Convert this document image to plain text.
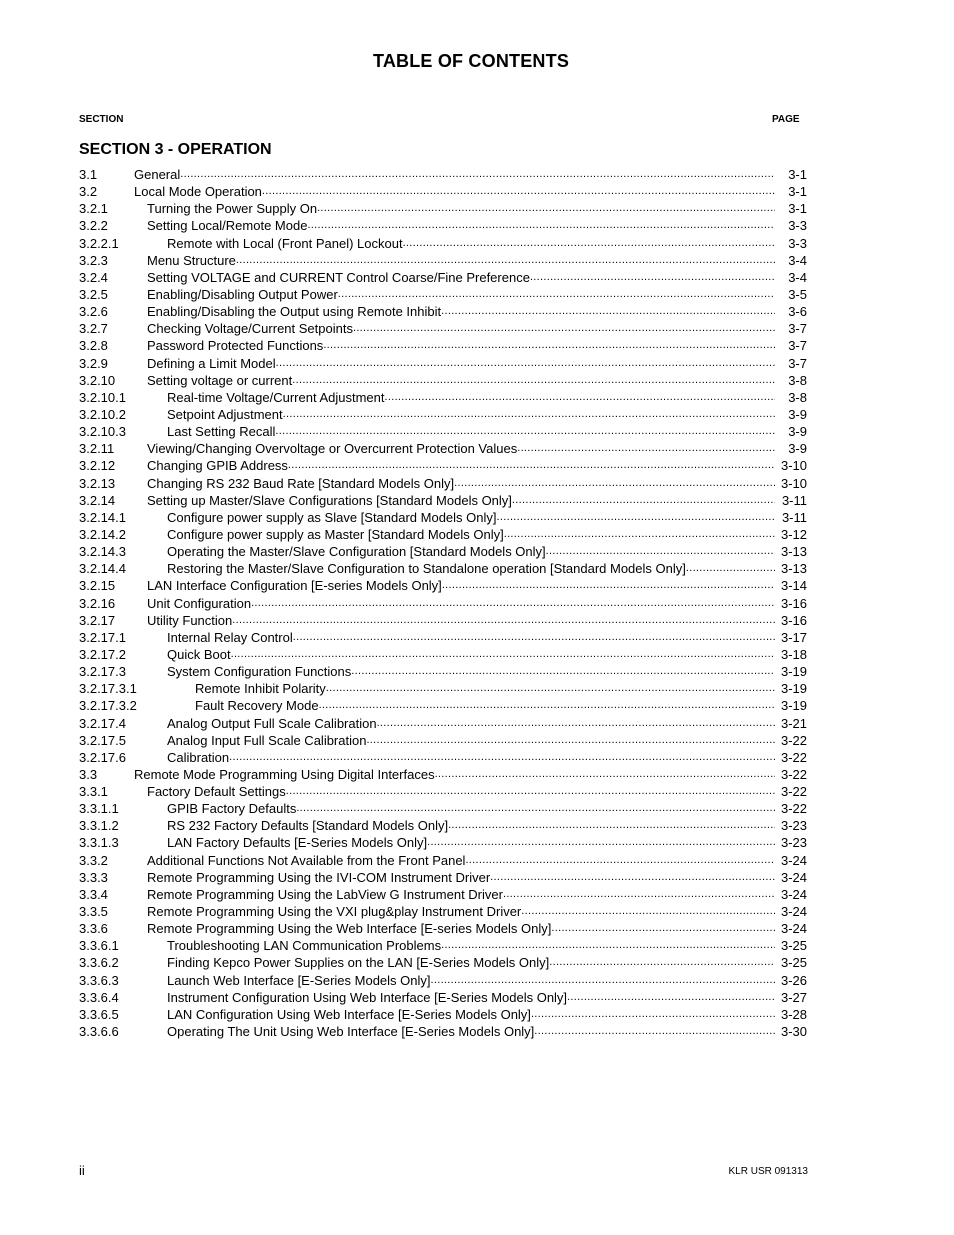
TABLE OF CONTENTS
SECTION	PAGE
SECTION 3 - OPERATION
3.1	General .....	3-1
3.2	Local Mode Operation .....	3-1
3.2.1	Turning the Power Supply On .....	3-1
3.2.2	Setting Local/Remote Mode .....	3-3
3.2.2.1	Remote with Local (Front Panel) Lockout .....	3-3
3.2.3	Menu Structure .....	3-4
3.2.4	Setting VOLTAGE and CURRENT Control Coarse/Fine Preference .....	3-4
3.2.5	Enabling/Disabling Output Power .....	3-5
3.2.6	Enabling/Disabling the Output using Remote Inhibit .....	3-6
3.2.7	Checking Voltage/Current Setpoints .....	3-7
3.2.8	Password Protected Functions .....	3-7
3.2.9	Defining a Limit Model .....	3-7
3.2.10 Setting voltage or current .....	3-8
3.2.10.1	Real-time Voltage/Current Adjustment .....	3-8
3.2.10.2	Setpoint Adjustment .....	3-9
3.2.10.3	Last Setting Recall .....	3-9
3.2.11	Viewing/Changing Overvoltage or Overcurrent Protection Values .....	3-9
3.2.12 Changing GPIB Address .....	3-10
3.2.13 Changing RS 232 Baud Rate [Standard Models Only] .....	3-10
3.2.14 Setting up Master/Slave Configurations [Standard Models Only] .....	3-11
3.2.14.1	Configure power supply as Slave [Standard Models Only] .....	3-11
3.2.14.2	Configure power supply as Master [Standard Models Only] .....	3-12
3.2.14.3	Operating the Master/Slave Configuration [Standard Models Only] .....	3-13
3.2.14.4	Restoring the Master/Slave Configuration to Standalone operation [Standard Models Only] .....	3-13
3.2.15 LAN Interface Configuration [E-series Models Only] .....	3-14
3.2.16 Unit Configuration .....	3-16
3.2.17 Utility Function .....	3-16
3.2.17.1	Internal Relay Control .....	3-17
3.2.17.2	Quick Boot .....	3-18
3.2.17.3	System Configuration Functions .....	3-19
3.2.17.3.1	Remote Inhibit Polarity .....	3-19
3.2.17.3.2	Fault Recovery Mode .....	3-19
3.2.17.4	Analog Output Full Scale Calibration .....	3-21
3.2.17.5	Analog Input Full Scale Calibration .....	3-22
3.2.17.6	Calibration .....	3-22
3.3	Remote Mode Programming Using Digital Interfaces .....	3-22
3.3.1	Factory Default Settings .....	3-22
3.3.1.1	GPIB Factory Defaults .....	3-22
3.3.1.2	RS 232 Factory Defaults [Standard Models Only] .....	3-23
3.3.1.3	LAN Factory Defaults [E-Series Models Only] .....	3-23
3.3.2	Additional Functions Not Available from the Front Panel .....	3-24
3.3.3	Remote Programming Using the IVI-COM Instrument Driver .....	3-24
3.3.4	Remote Programming Using the LabView G Instrument Driver .....	3-24
3.3.5	Remote Programming Using the VXI plug&play Instrument Driver .....	3-24
3.3.6	Remote Programming Using the Web Interface [E-series Models Only] .....	3-24
3.3.6.1	Troubleshooting LAN Communication Problems .....	3-25
3.3.6.2	Finding Kepco Power Supplies on the LAN [E-Series Models Only] .....	3-25
3.3.6.3	Launch Web Interface [E-Series Models Only] .....	3-26
3.3.6.4	Instrument Configuration Using Web Interface [E-Series Models Only] .....	3-27
3.3.6.5	LAN Configuration Using Web Interface [E-Series Models Only] .....	3-28
3.3.6.6	Operating The Unit Using Web Interface [E-Series Models Only] .....	3-30
ii	KLR USR 091313
